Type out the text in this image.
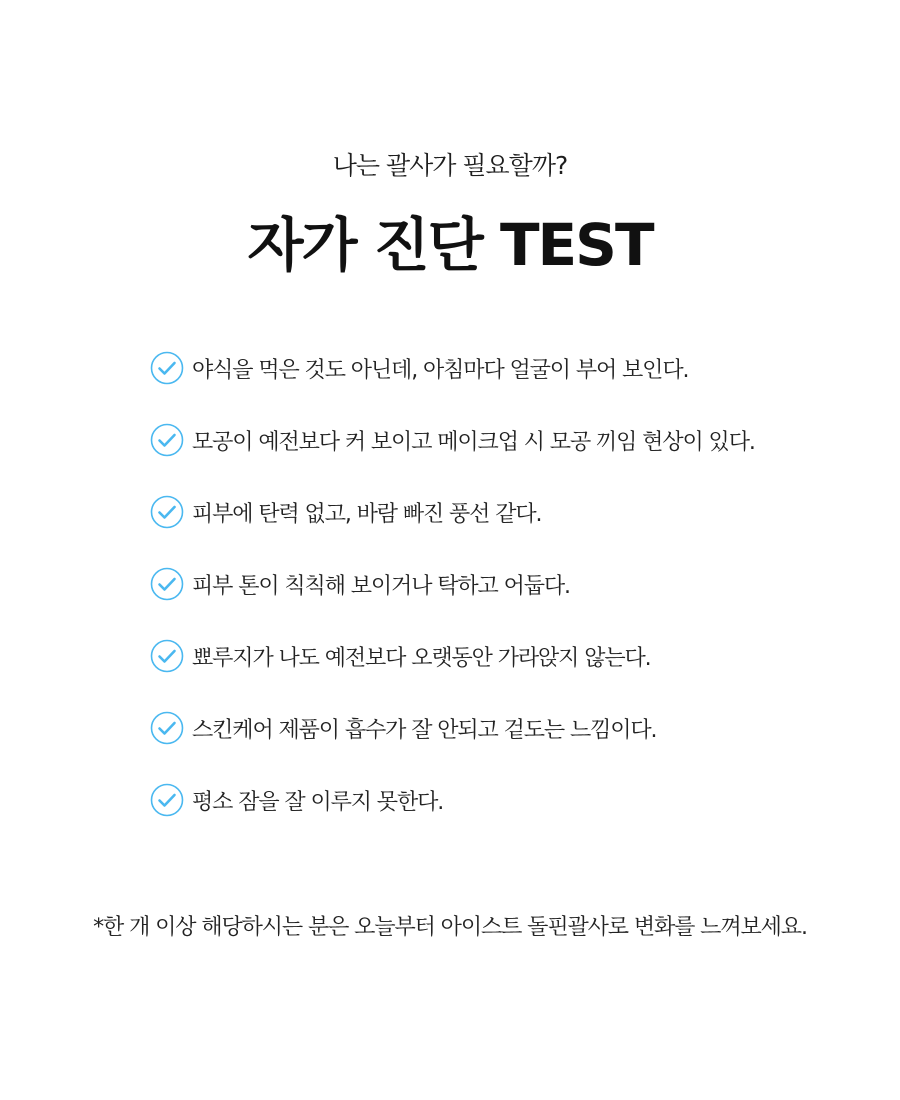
나는 괄사가 필요할까?
자가 진단 TEST
야식을 먹은 것도 아닌데, 아침마다 얼굴이 부어 보인다.
모공이 예전보다 커 보이고 메이크업 시 모공 끼임 현상이 있다.
피부에 탄력 없고, 바람 빠진 풍선 같다.
피부 톤이 칙칙해 보이거나 탁하고 어둡다.
뾰루지가 나도 예전보다 오랫동안 가라앉지 않는다.
스킨케어 제품이 흡수가 잘 안되고 겉도는 느낌이다.
평소 잠을 잘 이루지 못한다.
*한 개 이상 해당하시는 분은 오늘부터 아이스트 돌핀괄사로 변화를 느껴보세요.
